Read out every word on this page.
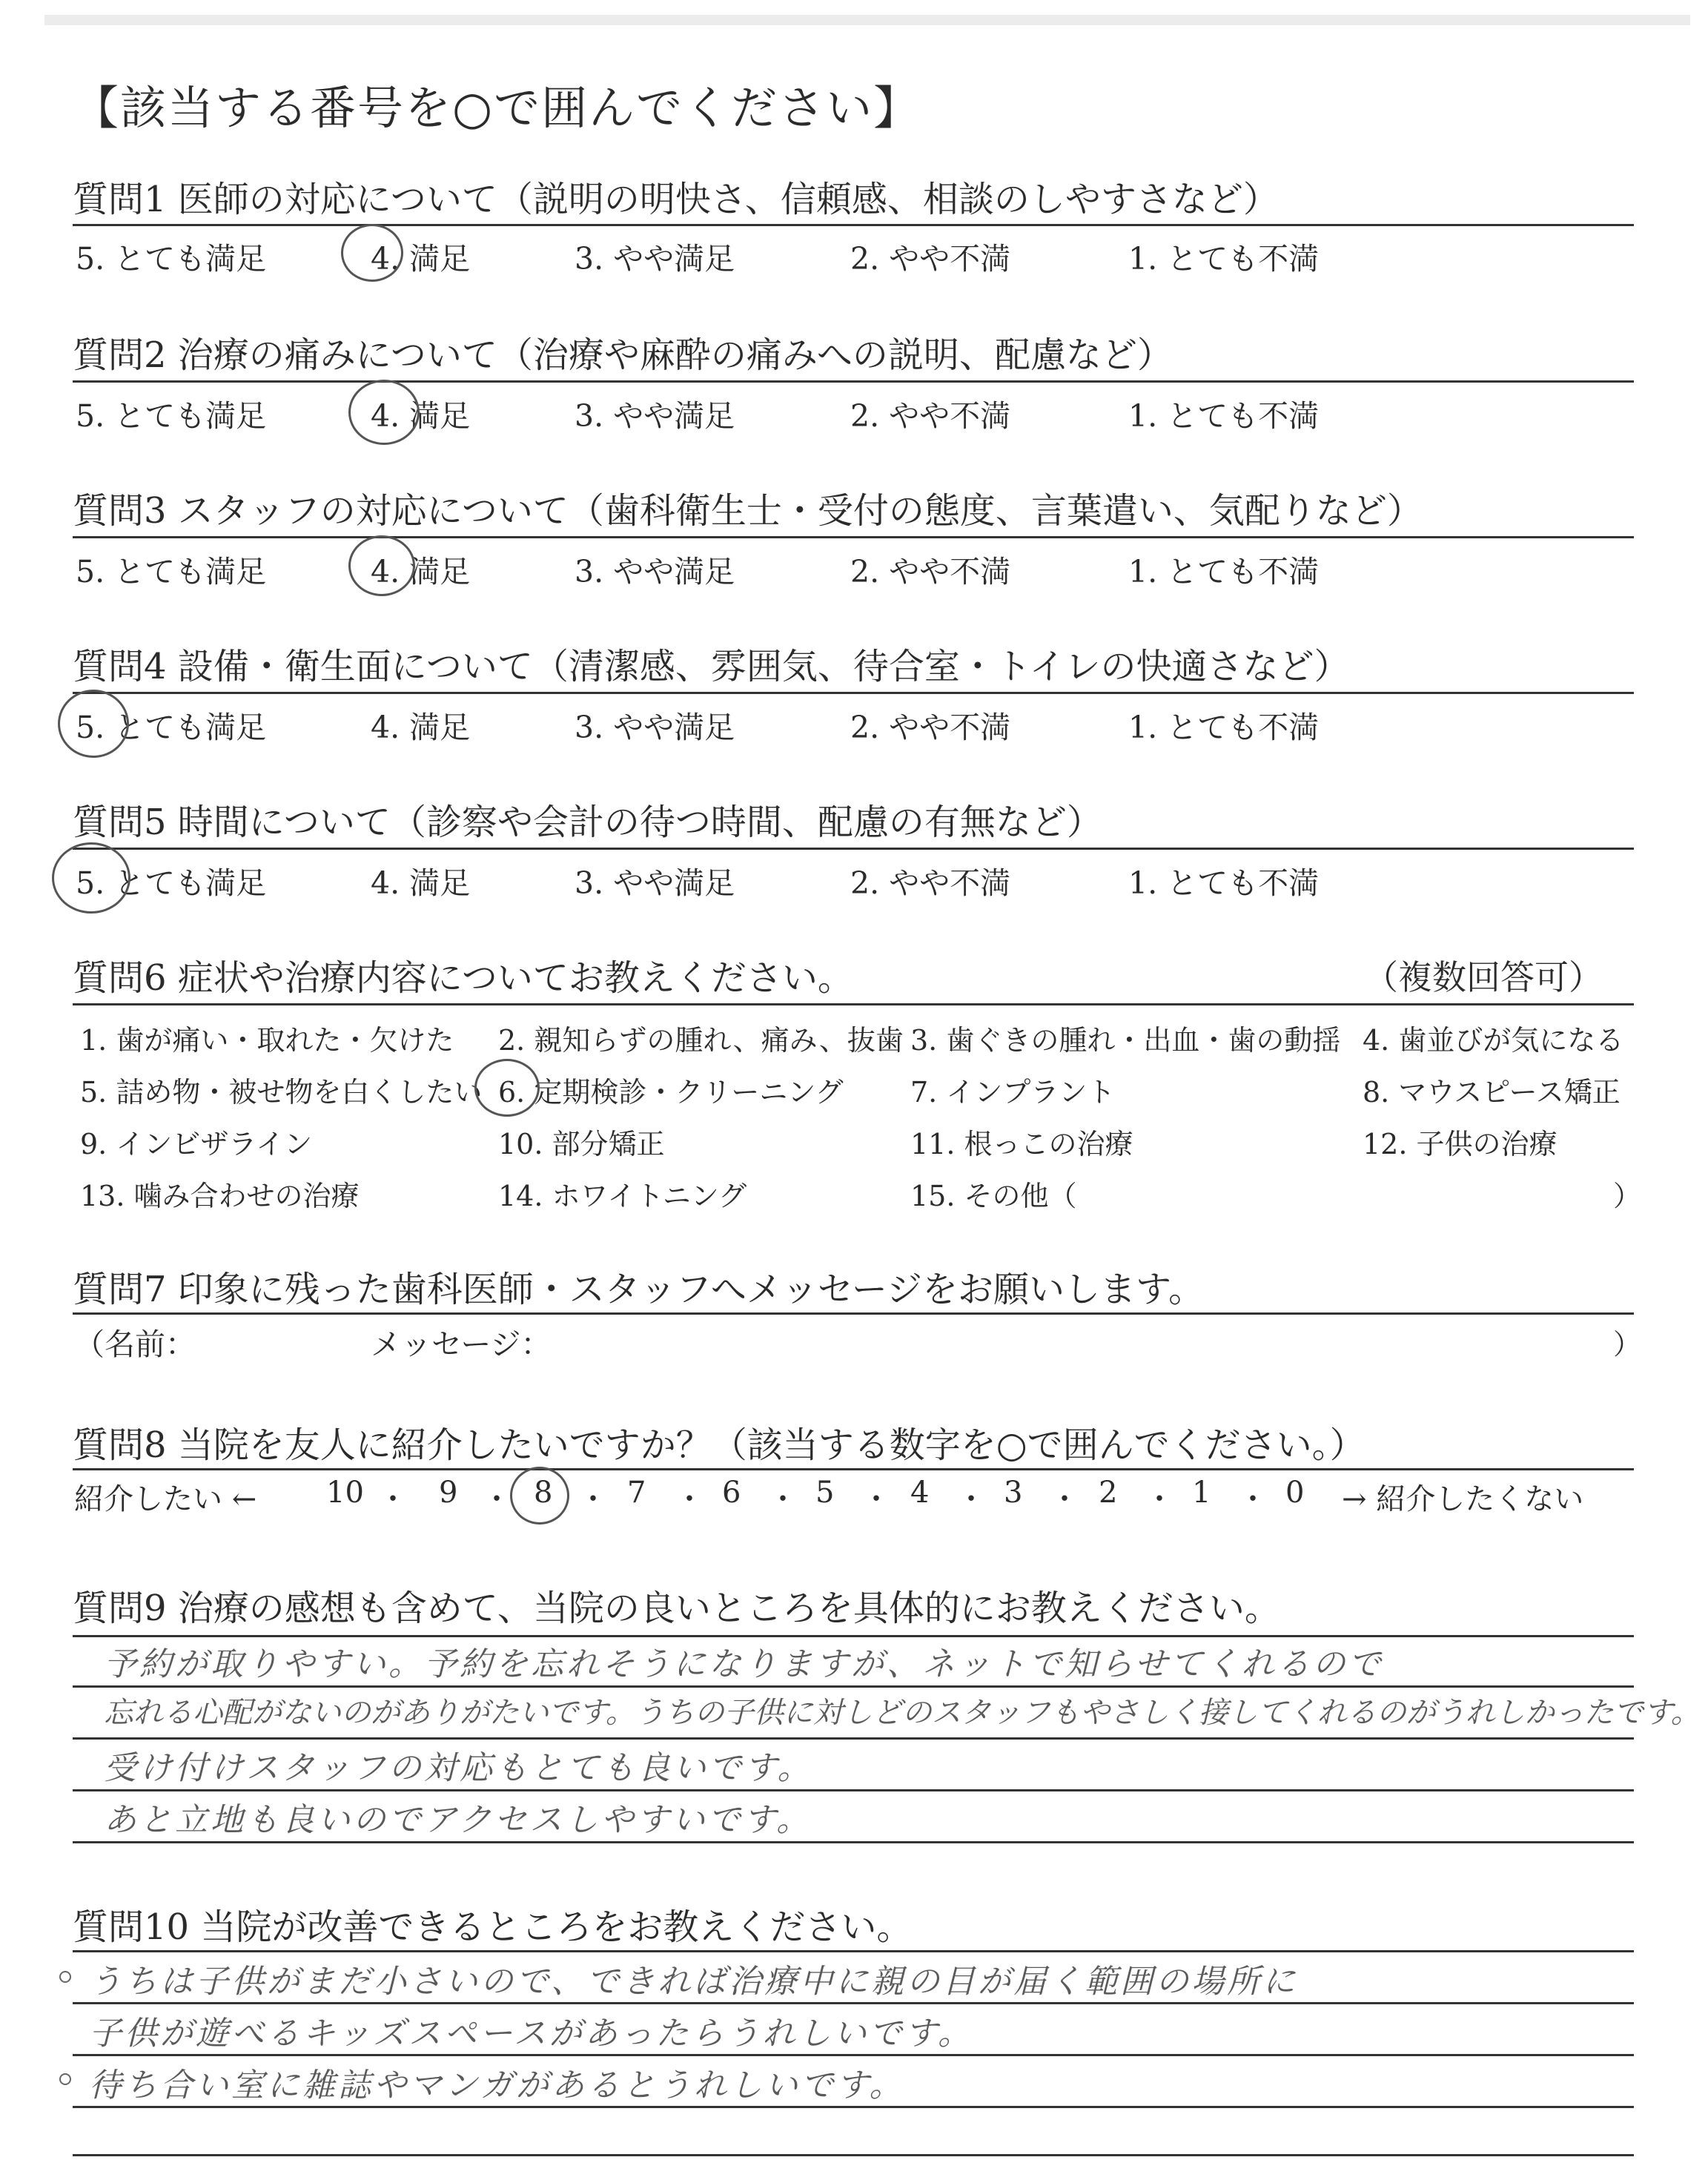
【該当する番号を○で囲んでください】
質問1 医師の対応について（説明の明快さ、信頼感、相談のしやすさなど）
5. とても満足	4. 満足	3. やや満足	2. やや不満	1. とても不満
質問2 治療の痛みについて（治療や麻酔の痛みへの説明、配慮など）
5. とても満足	4. 満足	3. やや満足	2. やや不満	1. とても不満
質問3 スタッフの対応について（歯科衛生士・受付の態度、言葉遣い、気配りなど）
5. とても満足	4. 満足	3. やや満足	2. やや不満	1. とても不満
質問4 設備・衛生面について（清潔感、雰囲気、待合室・トイレの快適さなど）
5. とても満足	4. 満足	3. やや満足	2. やや不満	1. とても不満
質問5 時間について（診察や会計の待つ時間、配慮の有無など）
5. とても満足	4. 満足	3. やや満足	2. やや不満	1. とても不満
質問6 症状や治療内容についてお教えください。	（複数回答可）
1. 歯が痛い・取れた・欠けた 2. 親知らずの腫れ、痛み、抜歯 3. 歯ぐきの腫れ・出血・歯の動揺 4. 歯並びが気になる
5. 詰め物・被せ物を白くしたい 6. 定期検診・クリーニング 7. インプラント	8. マウスピース矯正
9. インビザライン	10. 部分矯正	11. 根っこの治療	12. 子供の治療
13. 噛み合わせの治療	14. ホワイトニング	15. その他（	）
質問7 印象に残った歯科医師・スタッフへメッセージをお願いします。
（名前：	メッセージ：	）
質問8 当院を友人に紹介したいですか？（該当する数字を○で囲んでください。）
紹介したい ← 10 ・ 9 ・ 8 ・ 7 ・ 6 ・ 5 ・ 4 ・ 3 ・ 2 ・ 1 ・ 0 → 紹介したくない
質問9 治療の感想も含めて、当院の良いところを具体的にお教えください。
予約が取りやすい。予約を忘れそうになりますが、ネットで知らせてくれるので
忘れる心配がないのがありがたいです。うちの子供に対しどのスタッフもやさしく接してくれるのがうれしかったです。
受け付けスタッフの対応もとても良いです。
あと立地も良いのでアクセスしやすいです。
質問10 当院が改善できるところをお教えください。
うちは子供がまだ小さいので、できれば治療中に親の目が届く範囲の場所に
子供が遊べるキッズスペースがあったらうれしいです。
待ち合い室に雑誌やマンガがあるとうれしいです。
